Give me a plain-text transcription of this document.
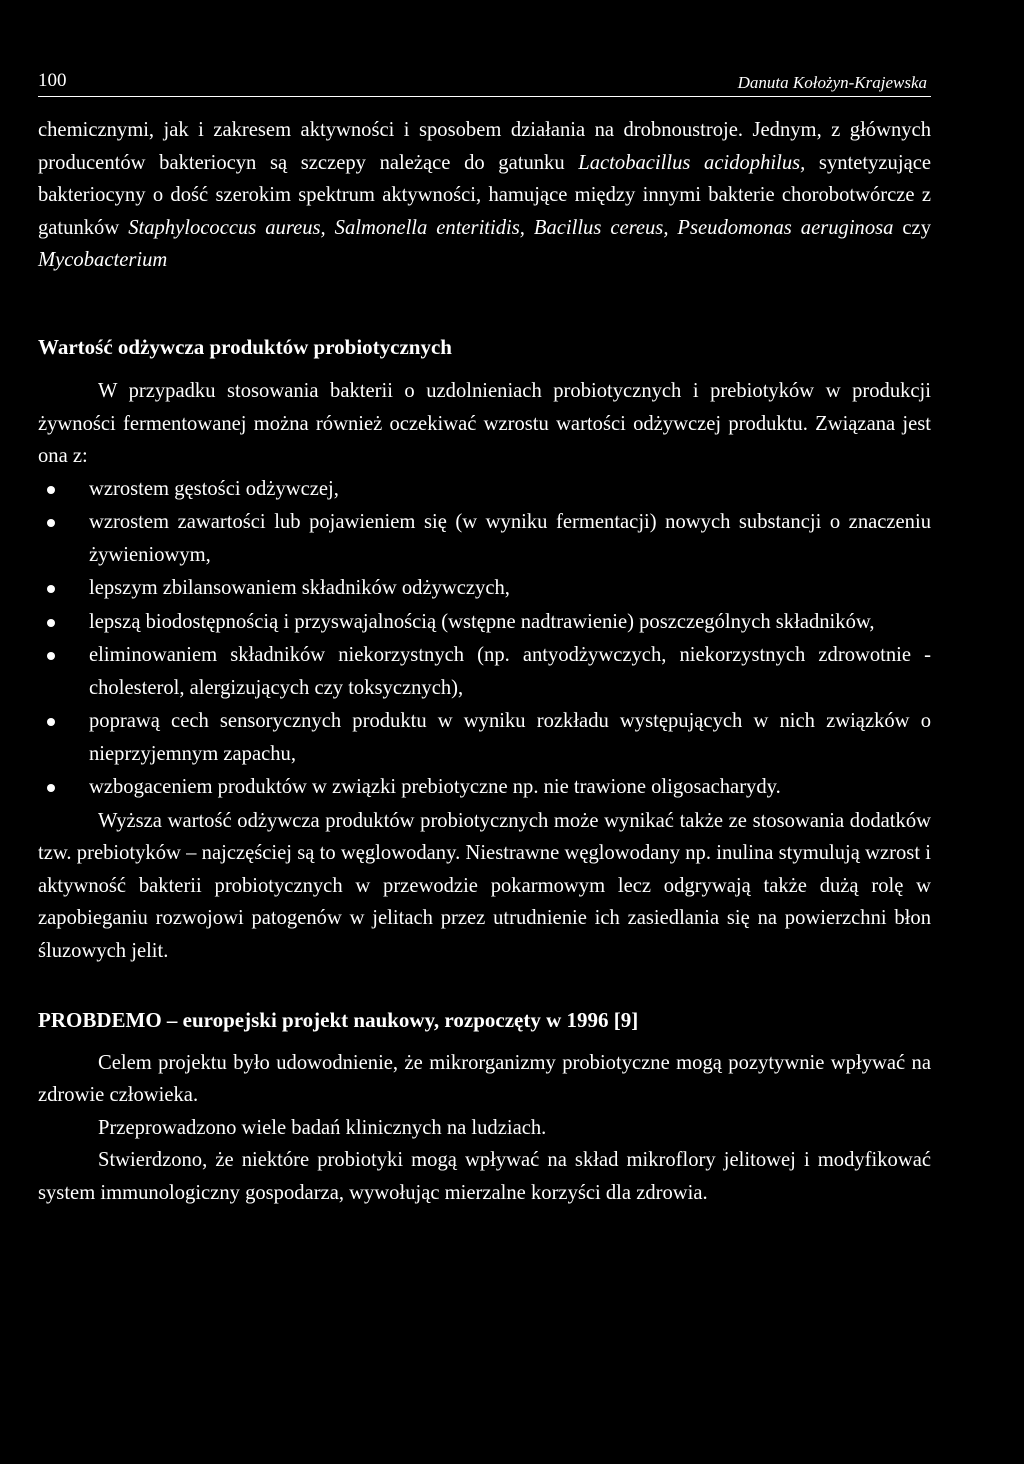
100	Danuta Kołożyn-Krajewska

chemicznymi, jak i zakresem aktywności i sposobem działania na drobnoustroje. Jednym, z głównych producentów bakteriocyn są szczepy należące do gatunku Lactobacillus acidophilus, syntetyzujące bakteriocyny o dość szerokim spektrum aktywności, hamujące między innymi bakterie chorobotwórcze z gatunków Staphylococcus aureus, Salmonella enteritidis, Bacillus cereus, Pseudomonas aeruginosa czy Mycobacterium

Wartość odżywcza produktów probiotycznych

W przypadku stosowania bakterii o uzdolnieniach probiotycznych i prebiotyków w produkcji żywności fermentowanej można również oczekiwać wzrostu wartości odżywczej produktu. Związana jest ona z:

wzrostem gęstości odżywczej,
wzrostem zawartości lub pojawieniem się (w wyniku fermentacji) nowych substancji o znaczeniu żywieniowym,
lepszym zbilansowaniem składników odżywczych,
lepszą biodostępnością i przyswajalnością (wstępne nadtrawienie) poszczególnych składników,
eliminowaniem składników niekorzystnych (np. antyodżywczych, niekorzystnych zdrowotnie - cholesterol, alergizujących czy toksycznych),
poprawą cech sensorycznych produktu w wyniku rozkładu występujących w nich związków o nieprzyjemnym zapachu,
wzbogaceniem produktów w związki prebiotyczne np. nie trawione oligosacharydy.

Wyższa wartość odżywcza produktów probiotycznych może wynikać także ze stosowania dodatków tzw. prebiotyków – najczęściej są to węglowodany. Niestrawne węglowodany np. inulina stymulują wzrost i aktywność bakterii probiotycznych w przewodzie pokarmowym lecz odgrywają także dużą rolę w zapobieganiu rozwojowi patogenów w jelitach przez utrudnienie ich zasiedlania się na powierzchni błon śluzowych jelit.

PROBDEMO – europejski projekt naukowy, rozpoczęty w 1996 [9]

Celem projektu było udowodnienie, że mikrorganizmy probiotyczne mogą pozytywnie wpływać na zdrowie człowieka.

Przeprowadzono wiele badań klinicznych na ludziach.

Stwierdzono, że niektóre probiotyki mogą wpływać na skład mikroflory jelitowej i modyfikować system immunologiczny gospodarza, wywołując mierzalne korzyści dla zdrowia.
